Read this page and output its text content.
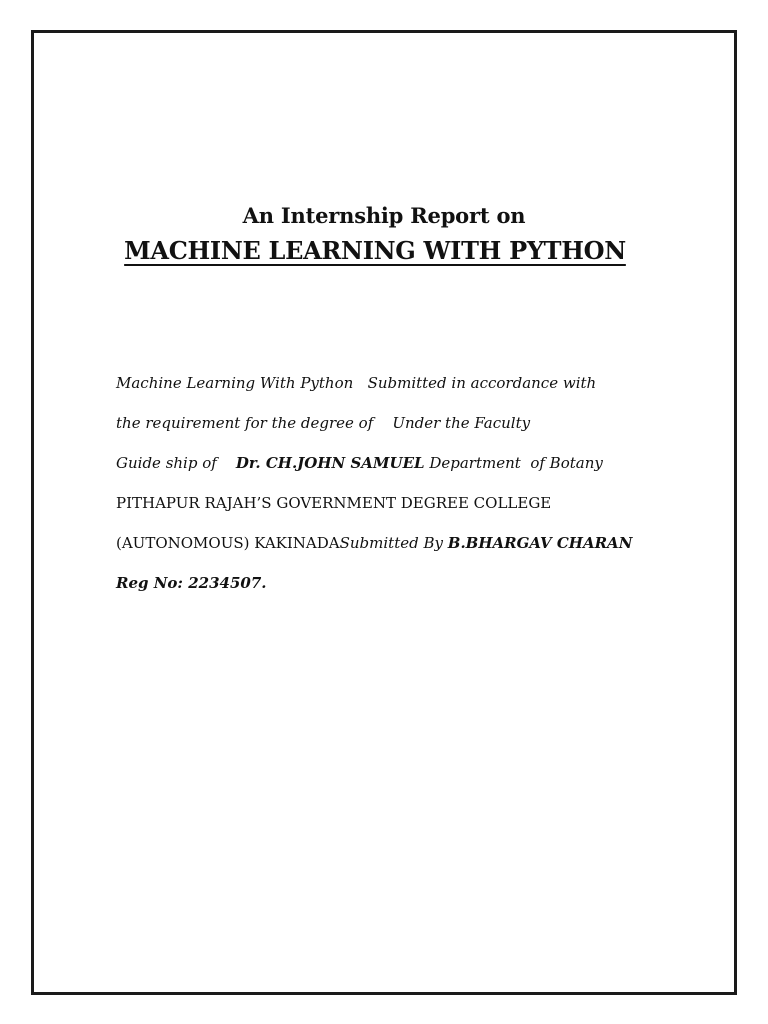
An Internship Report on
MACHINE LEARNING WITH PYTHON
Machine Learning With Python   Submitted in accordance with
the requirement for the degree of    Under the Faculty
Guide ship of    Dr. CH.JOHN SAMUEL Department  of Botany
PITHAPUR RAJAH’S GOVERNMENT DEGREE COLLEGE
(AUTONOMOUS) KAKINADASubmitted By B.BHARGAV CHARAN
Reg No: 2234507.
